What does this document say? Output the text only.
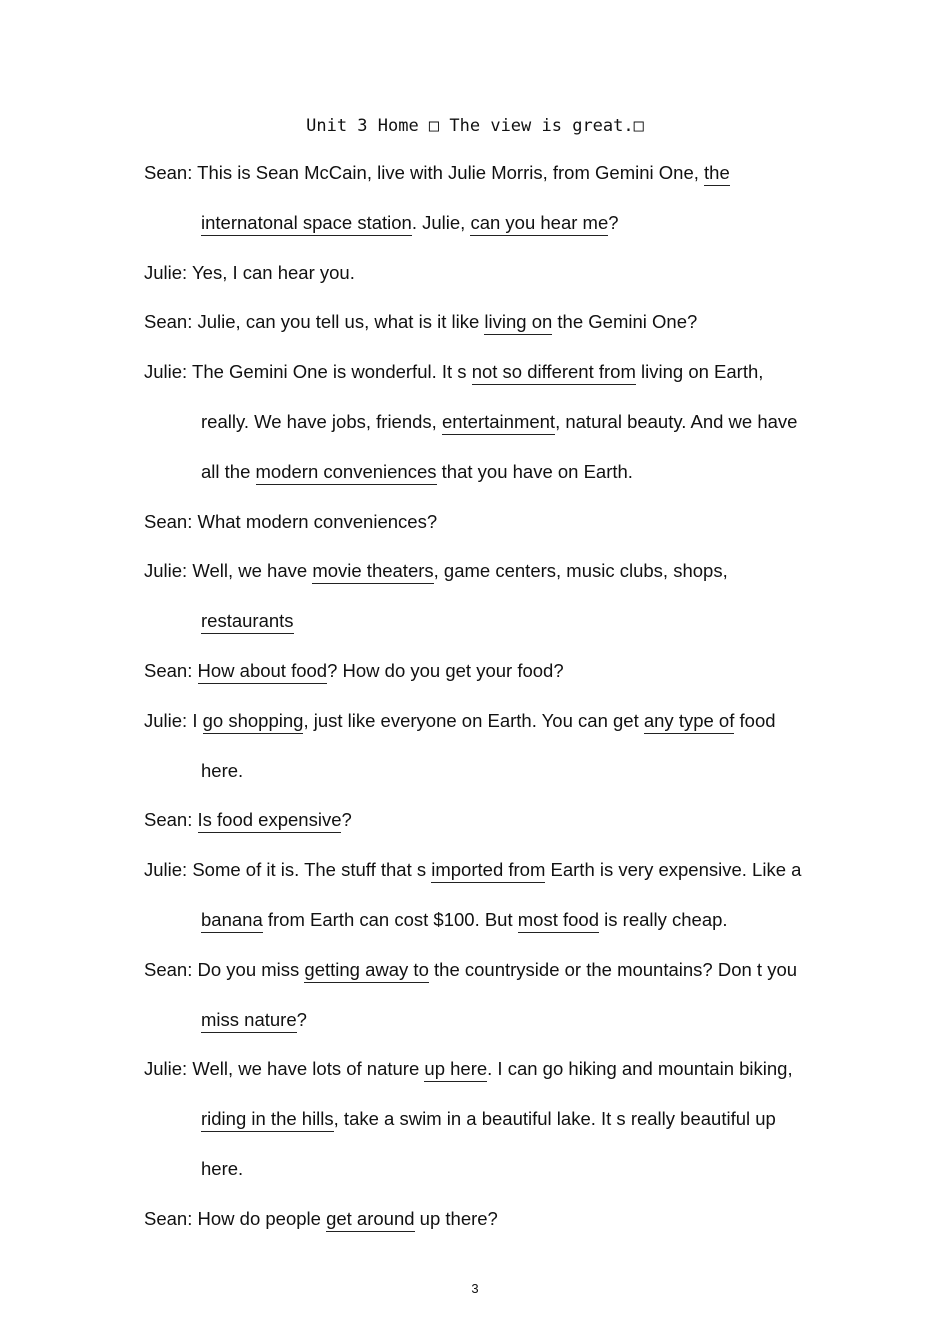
Unit 3 Home □ The view is great.□

Sean: This is Sean McCain, live with Julie Morris, from Gemini One, the internatonal space station. Julie, can you hear me?

Julie: Yes, I can hear you.

Sean: Julie, can you tell us, what is it like living on the Gemini One?

Julie: The Gemini One is wonderful. It s not so different from living on Earth, really. We have jobs, friends, entertainment, natural beauty. And we have all the modern conveniences that you have on Earth.

Sean: What modern conveniences?

Julie: Well, we have movie theaters, game centers, music clubs, shops, restaurants

Sean: How about food? How do you get your food?

Julie: I go shopping, just like everyone on Earth. You can get any type of food here.

Sean: Is food expensive?

Julie: Some of it is. The stuff that s imported from Earth is very expensive. Like a banana from Earth can cost $100. But most food is really cheap.

Sean: Do you miss getting away to the countryside or the mountains? Don t you miss nature?

Julie: Well, we have lots of nature up here. I can go hiking and mountain biking, riding in the hills, take a swim in a beautiful lake. It s really beautiful up here.

Sean: How do people get around up there?

3
